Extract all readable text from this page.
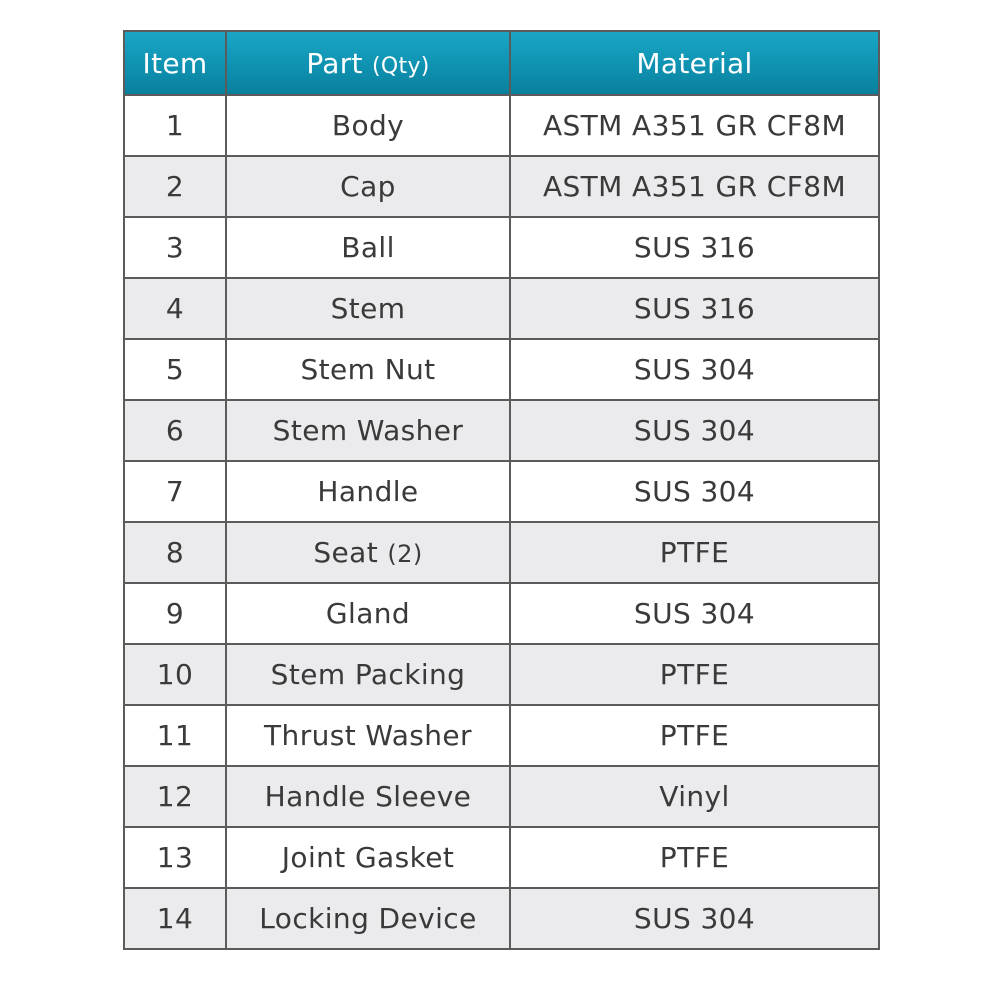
Item	Part (Qty)	Material
1	Body	ASTM A351 GR CF8M
2	Cap	ASTM A351 GR CF8M
3	Ball	SUS 316
4	Stem	SUS 316
5	Stem Nut	SUS 304
6	Stem Washer	SUS 304
7	Handle	SUS 304
8	Seat (2)	PTFE
9	Gland	SUS 304
10	Stem Packing	PTFE
11	Thrust Washer	PTFE
12	Handle Sleeve	Vinyl
13	Joint Gasket	PTFE
14	Locking Device	SUS 304
